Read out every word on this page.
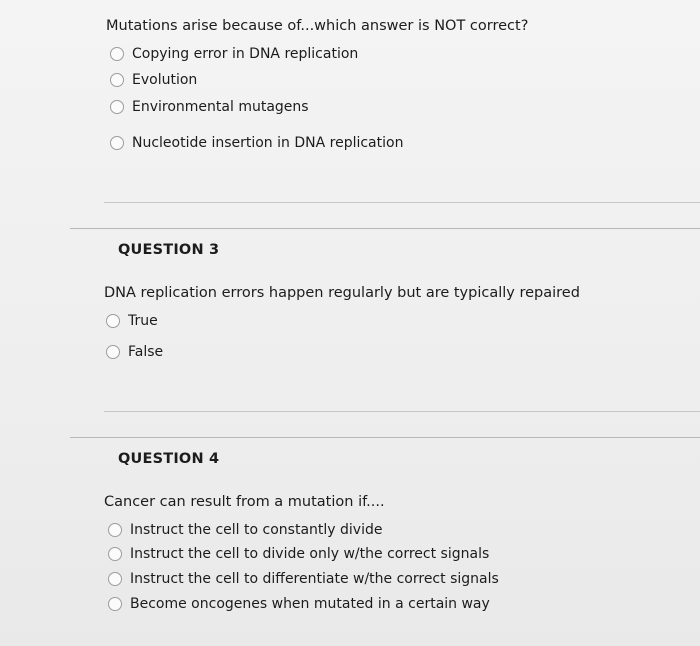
Mutations arise because of...which answer is NOT correct?
Copying error in DNA replication
Evolution
Environmental mutagens
Nucleotide insertion in DNA replication
QUESTION 3
DNA replication errors happen regularly but are typically repaired
True
False
QUESTION 4
Cancer can result from a mutation if....
Instruct the cell to constantly divide
Instruct the cell to divide only w/the correct signals
Instruct the cell to differentiate w/the correct signals
Become oncogenes when mutated in a certain way
